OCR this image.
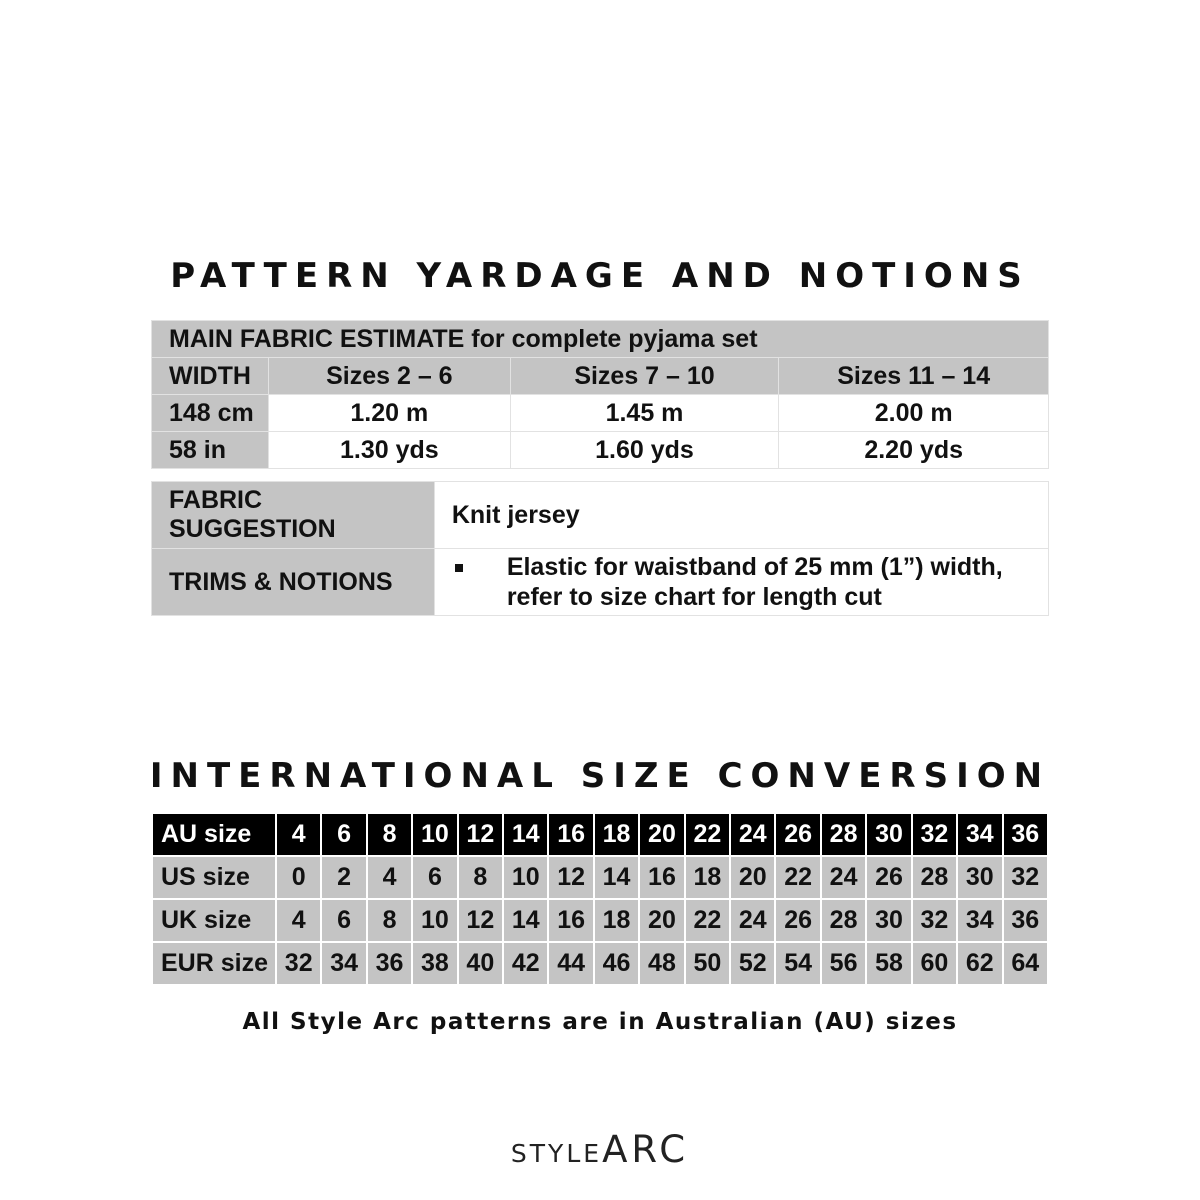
PATTERN YARDAGE AND NOTIONS
MAIN FABRIC ESTIMATE for complete pyjama set			
WIDTH	Sizes 2 – 6	Sizes 7 – 10	Sizes 11 – 14
148 cm	1.20 m	1.45 m	2.00 m
58 in	1.30 yds	1.60 yds	2.20 yds
FABRIC
SUGGESTION	Knit jersey
TRIMS & NOTIONS	Elastic for waistband of 25 mm (1”) width,
refer to size chart for length cut
INTERNATIONAL SIZE CONVERSION
AU size	4	6	8	10	12	14	16	18	20	22	24	26	28	30	32	34	36
US size	0	2	4	6	8	10	12	14	16	18	20	22	24	26	28	30	32
UK size	4	6	8	10	12	14	16	18	20	22	24	26	28	30	32	34	36
EUR size	32	34	36	38	40	42	44	46	48	50	52	54	56	58	60	62	64
All Style Arc patterns are in Australian (AU) sizes
STYLEARC
